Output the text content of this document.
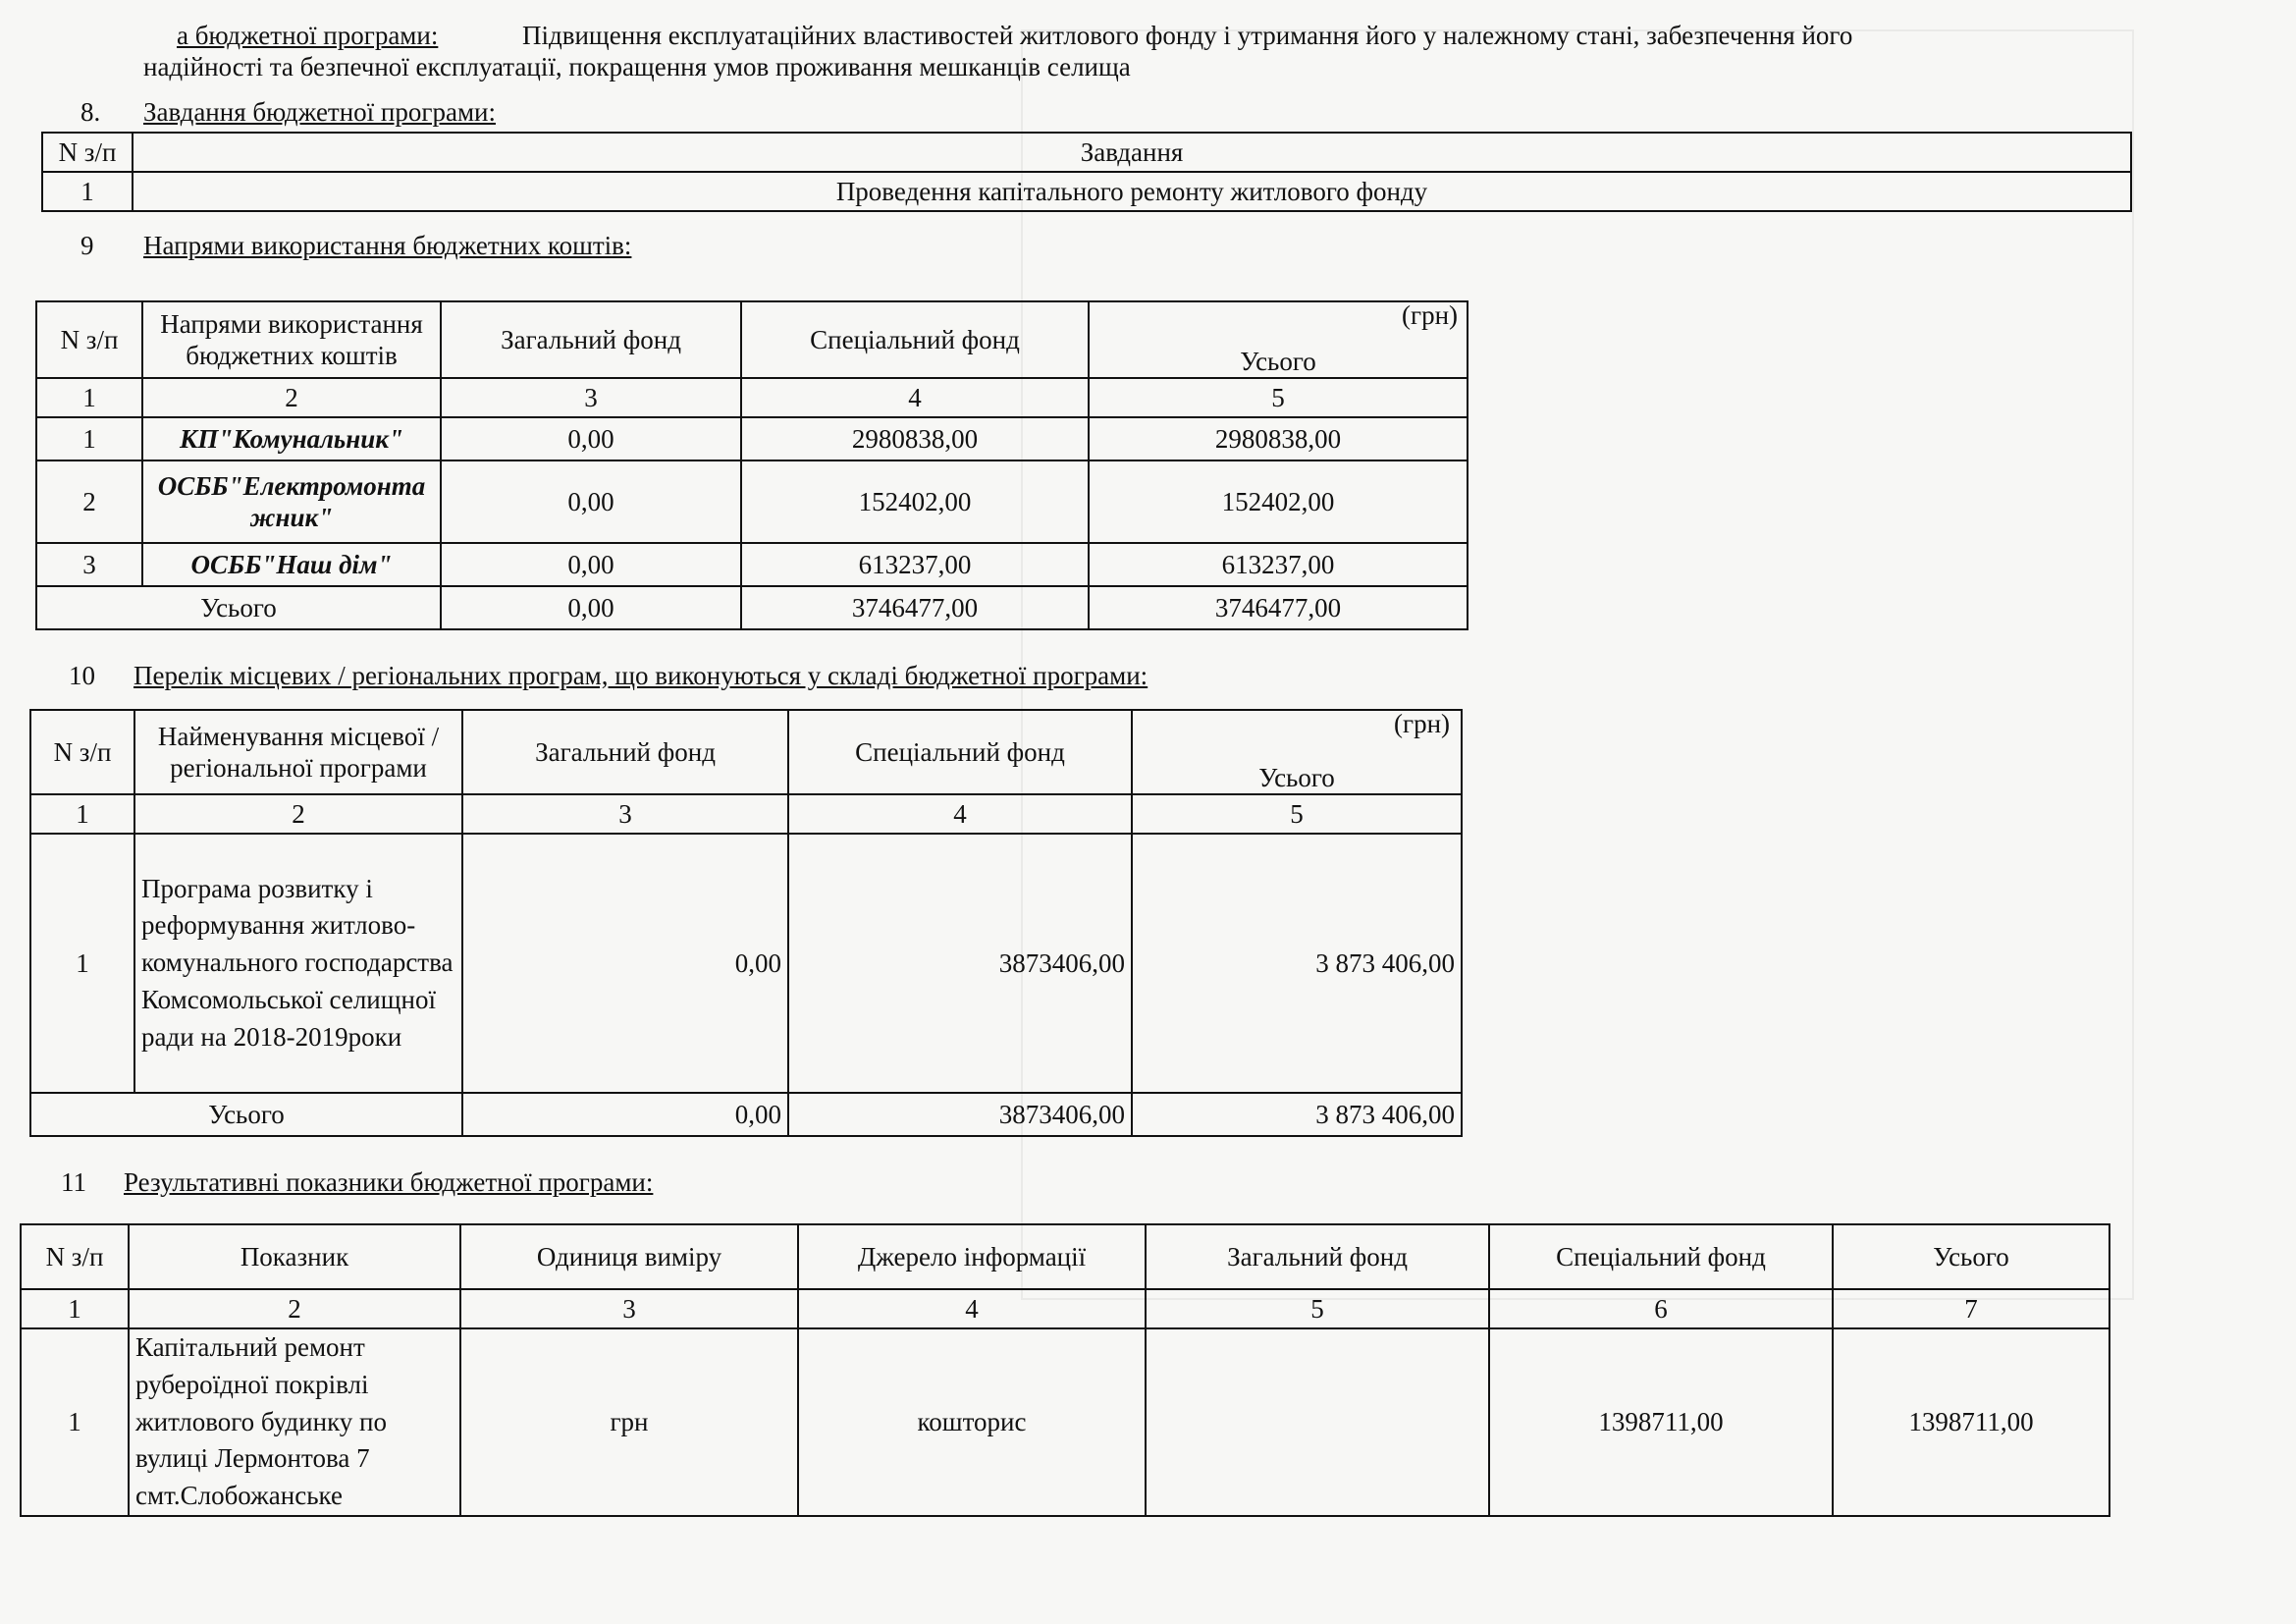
а бюджетної програми:	Підвищення експлуатаційних властивостей житлового фонду і утримання його у належному стані, забезпечення його
надійності та безпечної експлуатації, покращення умов проживання мешканців селища
8. Завдання бюджетної програми:
N з/п	Завдання
1	Проведення капітального ремонту житлового фонду
9 Напрями використання бюджетних коштів:
(грн)
N з/п	Напрями використання бюджетних коштів	Загальний фонд	Спеціальний фонд	Усього
1	2	3	4	5
1	КП"Комунальник"	0,00	2980838,00	2980838,00
2	ОСББ"Електромонтажник"	0,00	152402,00	152402,00
3	ОСББ"Наш дім"	0,00	613237,00	613237,00
Усього		0,00	3746477,00	3746477,00
10 Перелік місцевих / регіональних програм, що виконуються у складі бюджетної програми:
(грн)
N з/п	Найменування місцевої / регіональної програми	Загальний фонд	Спеціальний фонд	Усього
1	2	3	4	5
1	Програма розвитку і реформування житлово-комунального господарства Комсомольської селищної ради на 2018-2019роки	0,00	3873406,00	3 873 406,00
Усього		0,00	3873406,00	3 873 406,00
11 Результативні показники бюджетної програми:
N з/п	Показник	Одиниця виміру	Джерело інформації	Загальний фонд	Спеціальний фонд	Усього
1	2	3	4	5	6	7
1	Капітальний ремонт руберoїдної покрівлі житлового будинку по вулиці Лермонтова 7 смт.Слобожанське	грн	кошторис		1398711,00	1398711,00
